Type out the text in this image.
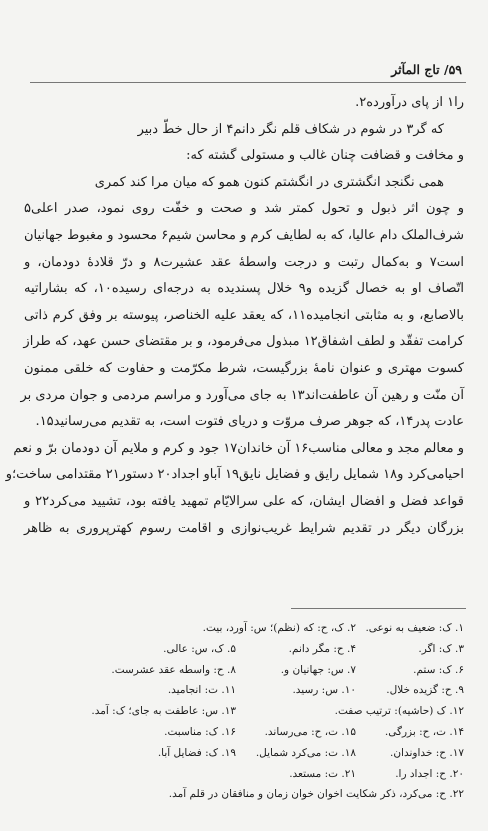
۵۹/ تاج المآثر
را۱ از پای درآورده۲.
که گر۳ در شوم در شکاف قلم نگر دانم۴ از حال خطّ دبیر
و مخافت و قضافت چنان غالب و مستولی گشته که:
همی نگنجد انگشتری در انگشتم کنون همو که میان مرا کند کمری
و چون اثر ذبول و تحول کمتر شد و صحت و خفّت روی نمود، صدر اعلی۵
شرف‌الملک دام عالیا، که به لطایف کرم و محاسن شیم۶ محسود و مغبوط جهانیان
است۷ و به‌کمال رتبت و درجت واسطهٔ عقد عشیرت۸ و درّ قلادهٔ دودمان، و
اتّصاف او به خصال گزیده و۹ خلال پسندیده به درجه‌ای رسیده۱۰، که بشاراتیه
بالاصابع، و به مثابتی انجامیده۱۱، که یعقد علیه الخناصر، پیوسته بر وفق کرم ذاتی
کرامت تفقّد و لطف اشفاق۱۲ مبذول می‌فرمود، و بر مقتضای حسن عهد، که طراز
کسوت مهتری و عنوان نامهٔ بزرگیست، شرط مکرّمت و حفاوت که خلقی ممنون
آن منّت و رهین آن عاطفت‌اند۱۳ به جای می‌آورد و مراسم مردمی و جوان مردی بر
عادت پدر۱۴، که جوهر صرف مروّت و دریای فتوت است، به تقدیم می‌رسانید۱۵.
و معالم مجد و معالی مناسب۱۶ آن خاندان۱۷ جود و کرم و ملایم آن دودمان برّ و نعم
احیامی‌کرد و۱۸ شمایل رایق و فضایل نایق۱۹ آباو اجداد۲۰ دستور۲۱ مقتدامی ساخت؛و
قواعد فضل و افضال ایشان، که علی سرالایّام تمهید یافته بود، تشیید می‌کرد۲۲ و
بزرگان دیگر در تقدیم شرایط غریب‌نوازی و اقامت رسوم کهترپروری به ظاهر
۱. ک: ضعیف به نوعی.
۲. ک، ح: که (نظم)؛ س: آورد، بیت.
۳. ک: اگر.
۴. ح: مگر دانم.
۵. ک، س: عالی.
۶. ک: ستم.
۷. س: جهانیان و.
۸. ح: واسطه عقد عشرست.
۹. ح: گزیده خلال.
۱۰. س: رسید.
۱۱. ت: انجامید.
۱۲. ک (حاشیه): ترتیب صفت.
۱۳. س: عاطفت به جای؛ ک: آمد.
۱۴. ت، ح: بزرگی.
۱۵. ت، ح: می‌رساند.
۱۶. ک: مناسبت.
۱۷. ح: خداوندان.
۱۸. ت: می‌کرد شمایل.
۱۹. ک: فضایل آبا.
۲۰. ح: اجداد را.
۲۱. ت: مستعد.
۲۲. ح: می‌کرد، ذکر شکایت اخوان خوان زمان و منافقان در قلم آمد.
